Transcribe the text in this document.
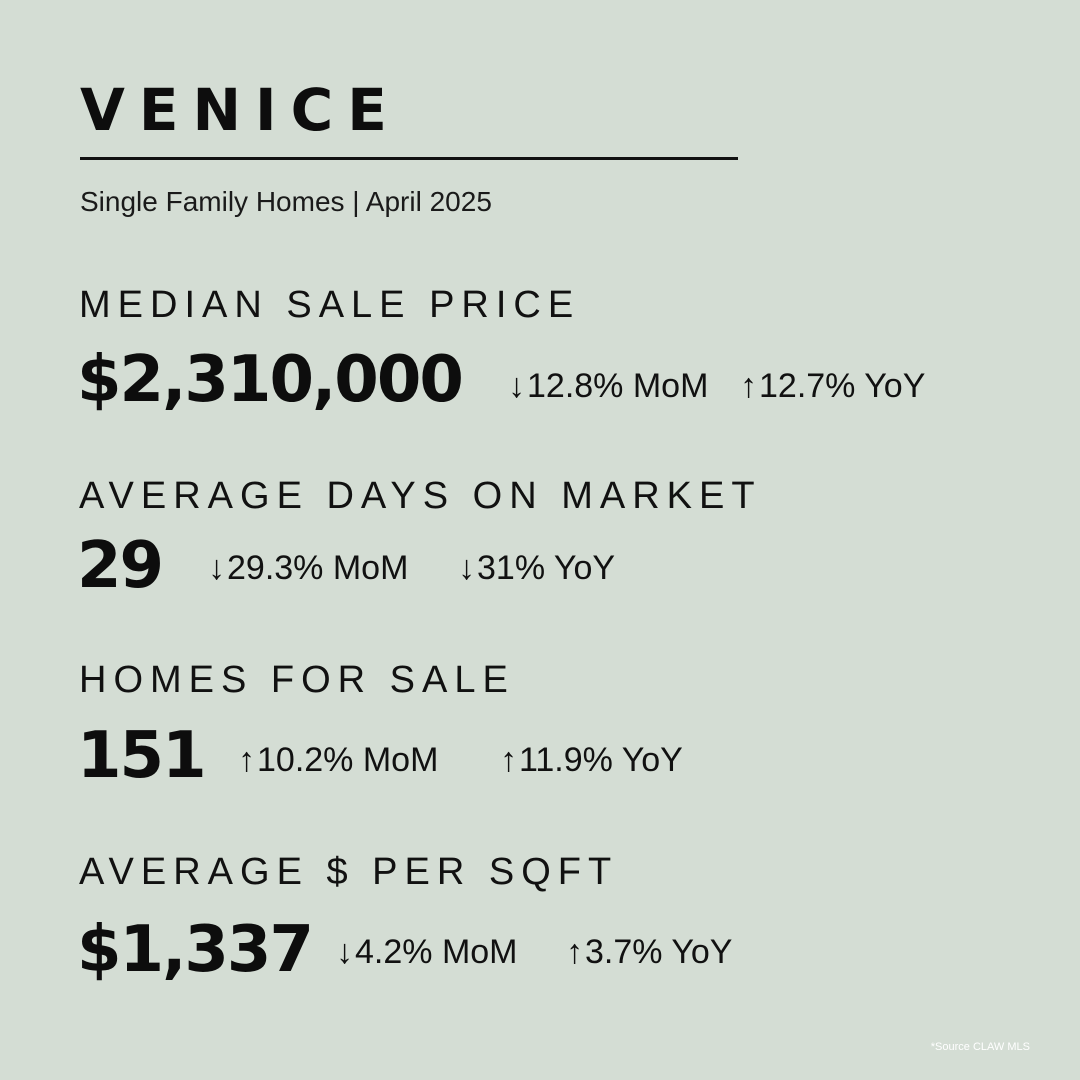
VENICE
Single Family Homes | April 2025
MEDIAN SALE PRICE
$2,310,000 ↓12.8% MoM ↑12.7% YoY
AVERAGE DAYS ON MARKET
29 ↓29.3% MoM ↓31% YoY
HOMES FOR SALE
151 ↑10.2% MoM ↑11.9% YoY
AVERAGE $ PER SQFT
$1,337 ↓4.2% MoM ↑3.7% YoY
*Source CLAW MLS
